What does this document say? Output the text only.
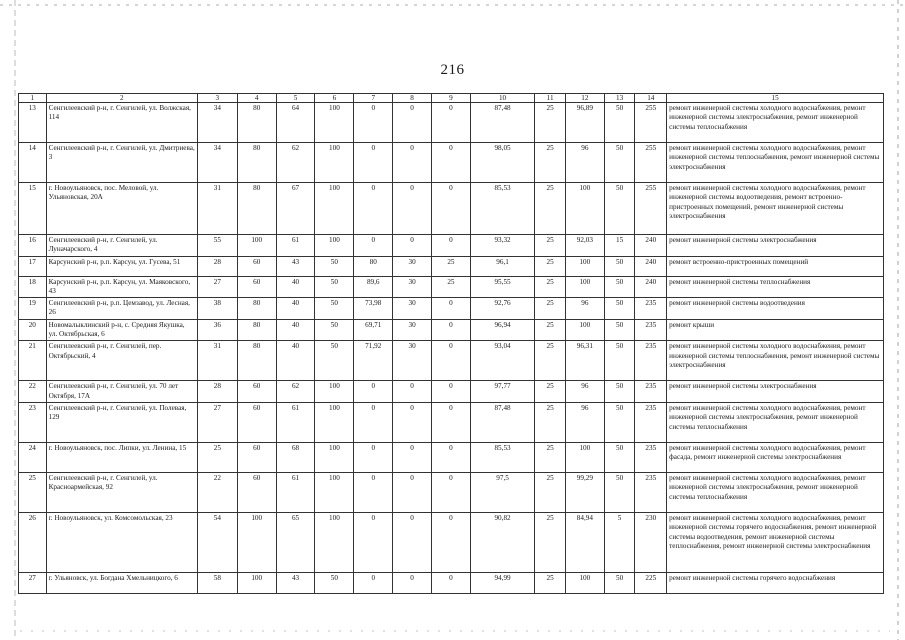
216
1	2	3	4	5	6	7	8	9	10	11	12	13	14	15
13	Сенгилеевский р-н, г. Сенгилей, ул. Волжская, 114	34	80	64	100	0	0	0	87,48	25	96,89	50	255	ремонт инженерной системы холодного водоснабжения, ремонт инженерной системы электроснабжения, ремонт инженерной системы теплоснабжения
14	Сенгилеевский р-н, г. Сенгилей, ул. Дмитриева, 3	34	80	62	100	0	0	0	98,05	25	96	50	255	ремонт инженерной системы холодного водоснабжения, ремонт инженерной системы теплоснабжения, ремонт инженерной системы электроснабжения
15	г. Новоульяновск, пос. Меловой, ул. Ульяновская, 20А	31	80	67	100	0	0	0	85,53	25	100	50	255	ремонт инженерной системы холодного водоснабжения, ремонт инженерной системы водоотведения, ремонт встроенно-пристроенных помещений, ремонт инженерной системы электроснабжения
16	Сенгилеевский р-н, г. Сенгилей, ул. Луначарского, 4	55	100	61	100	0	0	0	93,32	25	92,03	15	240	ремонт инженерной системы электроснабжения
17	Карсунский р-н, р.п. Карсун, ул. Гусева, 51	28	60	43	50	80	30	25	96,1	25	100	50	240	ремонт встроенно-пристроенных помещений
18	Карсунский р-н, р.п. Карсун, ул. Маяковского, 43	27	60	40	50	89,6	30	25	95,55	25	100	50	240	ремонт инженерной системы теплоснабжения
19	Сенгилеевский р-н, р.п. Цемзавод, ул. Лесная, 26	38	80	40	50	73,98	30	0	92,76	25	96	50	235	ремонт инженерной системы водоотведения
20	Новомалыклинский р-н, с. Средняя Якушка, ул. Октябрьская, 6	36	80	40	50	69,71	30	0	96,94	25	100	50	235	ремонт крыши
21	Сенгилеевский р-н, г. Сенгилей, пер. Октябрьский, 4	31	80	40	50	71,92	30	0	93,04	25	96,31	50	235	ремонт инженерной системы холодного водоснабжения, ремонт инженерной системы теплоснабжения, ремонт инженерной системы электроснабжения
22	Сенгилеевский р-н, г. Сенгилей, ул. 70 лет Октября, 17А	28	60	62	100	0	0	0	97,77	25	96	50	235	ремонт инженерной системы электроснабжения
23	Сенгилеевский р-н, г. Сенгилей, ул. Полевая, 129	27	60	61	100	0	0	0	87,48	25	96	50	235	ремонт инженерной системы холодного водоснабжения, ремонт инженерной системы электроснабжения, ремонт инженерной системы теплоснабжения
24	г. Новоульяновск, пос. Липки, ул. Ленина, 15	25	60	68	100	0	0	0	85,53	25	100	50	235	ремонт инженерной системы холодного водоснабжения, ремонт фасада, ремонт инженерной системы электроснабжения
25	Сенгилеевский р-н, г. Сенгилей, ул. Красноармейская, 92	22	60	61	100	0	0	0	97,5	25	99,29	50	235	ремонт инженерной системы холодного водоснабжения, ремонт инженерной системы электроснабжения, ремонт инженерной системы теплоснабжения
26	г. Новоульяновск, ул. Комсомольская, 23	54	100	65	100	0	0	0	90,82	25	84,94	5	230	ремонт инженерной системы холодного водоснабжения, ремонт инженерной системы горячего водоснабжения, ремонт инженерной системы водоотведения, ремонт инженерной системы теплоснабжения, ремонт инженерной системы электроснабжения
27	г. Ульяновск, ул. Богдана Хмельницкого, 6	58	100	43	50	0	0	0	94,99	25	100	50	225	ремонт инженерной системы горячего водоснабжения
